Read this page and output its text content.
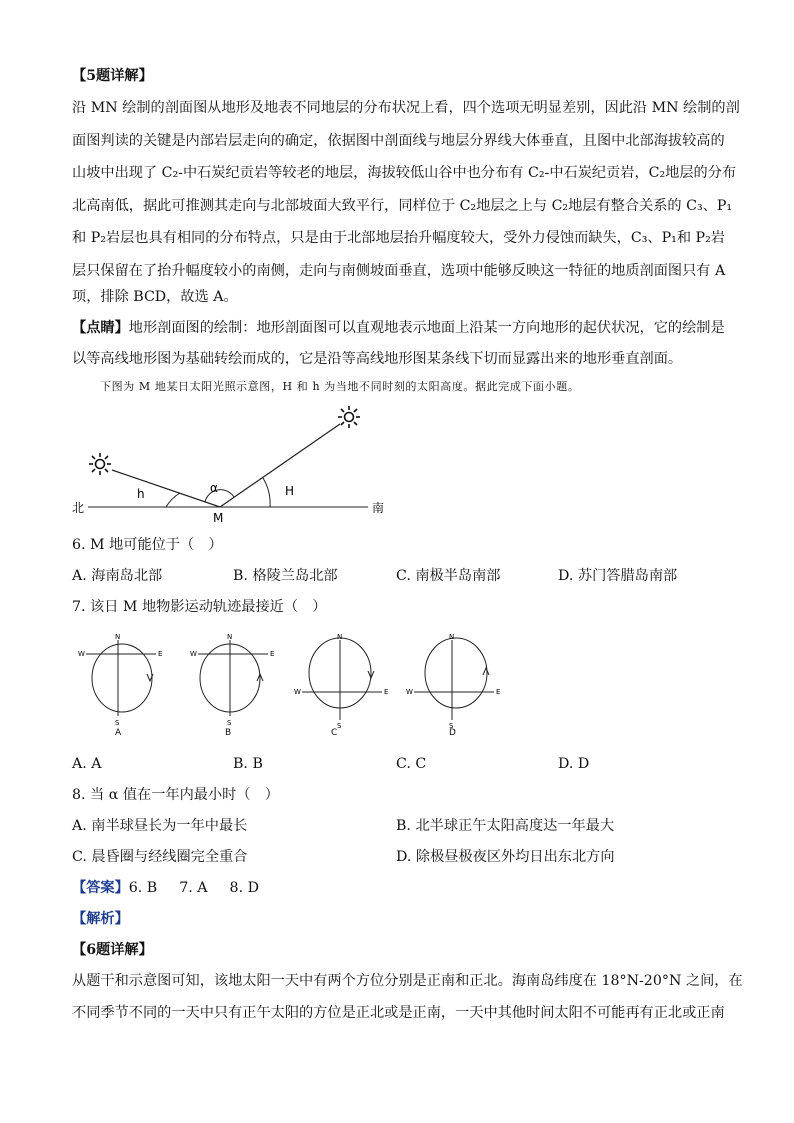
【5题详解】
沿 MN 绘制的剖面图从地形及地表不同地层的分布状况上看，四个选项无明显差别，因此沿 MN 绘制的剖
面图判读的关键是内部岩层走向的确定，依据图中剖面线与地层分界线大体垂直，且图中北部海拔较高的
山坡中出现了 C₂-中石炭纪贡岩等较老的地层，海拔较低山谷中也分布有 C₂-中石炭纪贡岩，C₂地层的分布
北高南低，据此可推测其走向与北部坡面大致平行，同样位于 C₂地层之上与 C₂地层有整合关系的 C₃、P₁
和 P₂岩层也具有相同的分布特点，只是由于北部地层抬升幅度较大，受外力侵蚀而缺失，C₃、P₁和 P₂岩
层只保留在了抬升幅度较小的南侧，走向与南侧坡面垂直，选项中能够反映这一特征的地质剖面图只有 A
项，排除 BCD，故选 A。
【点睛】地形剖面图的绘制：地形剖面图可以直观地表示地面上沿某一方向地形的起伏状况，它的绘制是
以等高线地形图为基础转绘而成的，它是沿等高线地形图某条线下切而显露出来的地形垂直剖面。
下图为 M 地某日太阳光照示意图，H 和 h 为当地不同时刻的太阳高度。据此完成下面小题。
北	南
M
α
h	H
6. M 地可能位于（　）
A. 海南岛北部	B. 格陵兰岛北部	C. 南极半岛南部	D. 苏门答腊岛南部
7. 该日 M 地物影运动轨迹最接近（　）
N
S
W	E
N
S
W	E
N
S
W	E
N
S
W	E
A	B	C	D
A. A	B. B	C. C	D. D
8. 当 α 值在一年内最小时（　）
A. 南半球昼长为一年中最长	B. 北半球正午太阳高度达一年最大
C. 晨昏圈与经线圈完全重合	D. 除极昼极夜区外均日出东北方向
【答案】6. B 7. A 8. D
【解析】
【6题详解】
从题干和示意图可知，该地太阳一天中有两个方位分别是正南和正北。海南岛纬度在 18°N-20°N 之间，在
不同季节不同的一天中只有正午太阳的方位是正北或是正南，一天中其他时间太阳不可能再有正北或正南
